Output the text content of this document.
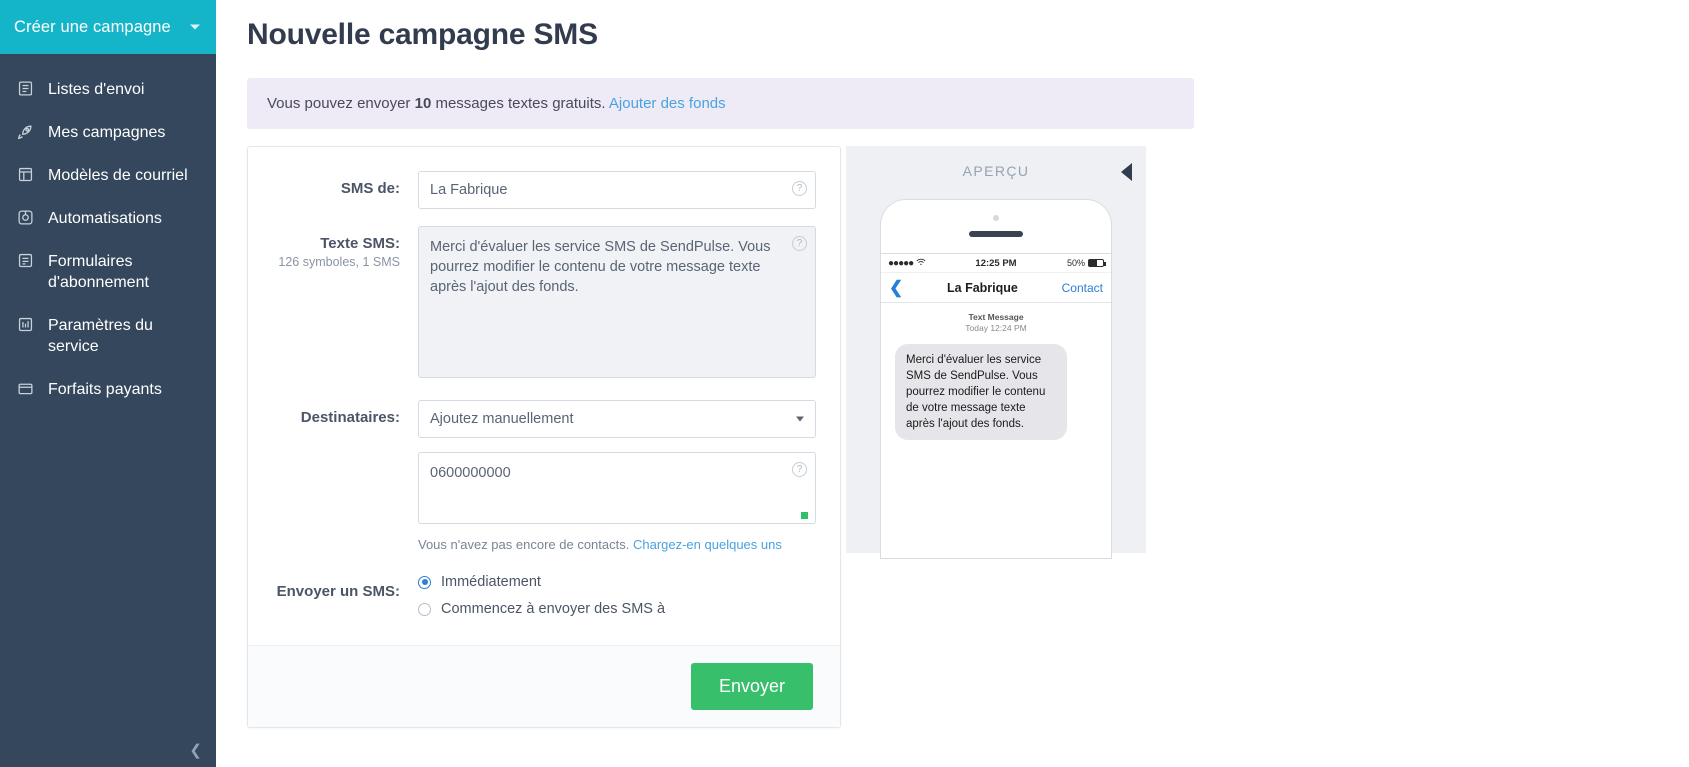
Créer une campagne
Listes d'envoi
Mes campagnes
Modèles de courriel
Automatisations
Formulaires d'abonnement
Paramètres du service
Forfaits payants
❮
Nouvelle campagne SMS
Vous pouvez envoyer 10 messages textes gratuits. Ajouter des fonds
SMS de:
La Fabrique	?
Texte SMS:
126 symboles, 1 SMS
Merci d'évaluer les service SMS de SendPulse. Vous pourrez modifier le contenu de votre message texte après l'ajout des fonds.
?
Destinataires:	Ajoutez manuellement
0600000000
?
Vous n'avez pas encore de contacts. Chargez-en quelques uns
Envoyer un SMS:
Immédiatement
Commencez à envoyer des SMS à
Envoyer
APERÇU
●●●●●	12:25 PM	50%
❮	La Fabrique	Contact
Text Message
Today 12:24 PM
Merci d'évaluer les service SMS de SendPulse. Vous pourrez modifier le contenu de votre message texte après l'ajout des fonds.
